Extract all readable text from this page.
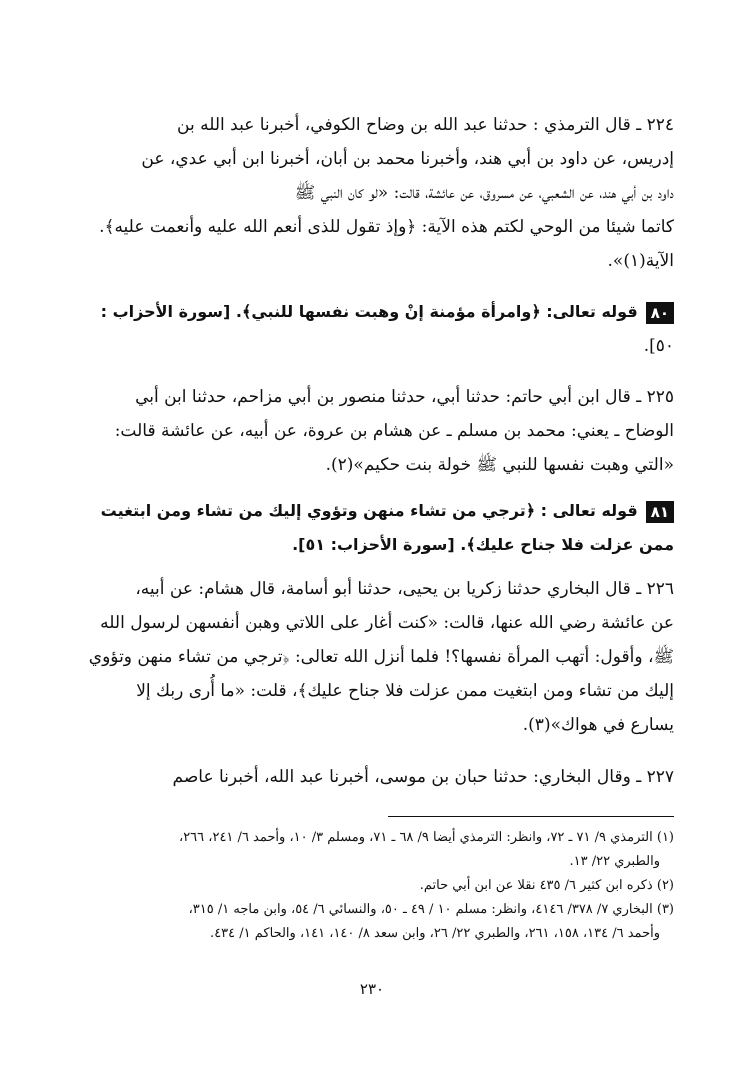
٢٢٤ ـ قال الترمذي : حدثنا عبد الله بن وضاح الكوفي، أخبرنا عبد الله بن
إدريس، عن داود بن أبي هند، وأخبرنا محمد بن أبان، أخبرنا ابن أبي عدي، عن
داود بن أبي هند، عن الشعبي، عن مسروق، عن عائشة، قالت: «لو كان النبي ﷺ
كاتما شيئا من الوحي لكتم هذه الآية: ﴿وإذ تقول للذى أنعم الله عليه وأنعمت عليه﴾.
الآية(١)».
٨٠قوله تعالى: ﴿وامرأة مؤمنة إنْ وهبت نفسها للنبي﴾. [سورة الأحزاب :
٥٠].
٢٢٥ ـ قال ابن أبي حاتم: حدثنا أبي، حدثنا منصور بن أبي مزاحم، حدثنا ابن أبي
الوضاح ـ يعني: محمد بن مسلم ـ عن هشام بن عروة، عن أبيه، عن عائشة قالت:
«التي وهبت نفسها للنبي ﷺ خولة بنت حكيم»(٢).
٨١قوله تعالى : ﴿ترجي من تشاء منهن وتؤوي إليك من تشاء ومن ابتغيت
ممن عزلت فلا جناح عليك﴾. [سورة الأحزاب: ٥١].
٢٢٦ ـ قال البخاري حدثنا زكريا بن يحيى، حدثنا أبو أسامة، قال هشام: عن أبيه،
عن عائشة رضي الله عنها، قالت: «كنت أغار على اللاتي وهبن أنفسهن لرسول الله
ﷺ، وأقول: أتهب المرأة نفسها؟! فلما أنزل الله تعالى: ﴿ترجي من تشاء منهن وتؤوي
إليك من تشاء ومن ابتغيت ممن عزلت فلا جناح عليك﴾، قلت: «ما أُرى ربك إلا
يسارع في هواك»(٣).
٢٢٧ ـ وقال البخاري: حدثنا حبان بن موسى، أخبرنا عبد الله، أخبرنا عاصم
(١) الترمذي ٩/ ٧١ ـ ٧٢، وانظر: الترمذي أيضا ٩/ ٦٨ ـ ٧١، ومسلم ٣/ ١٠، وأحمد ٦/ ٢٤١، ٢٦٦،
والطبري ٢٢/ ١٣.
(٢) ذكره ابن كثير ٦/ ٤٣٥ نقلا عن ابن أبي حاتم.
(٣) البخاري ٧/ ٣٧٨/ ٤١٤٦، وانظر: مسلم ١٠ / ٤٩ ـ ٥٠، والنسائي ٦/ ٥٤، وابن ماجه ١/ ٣١٥،
وأحمد ٦/ ١٣٤، ١٥٨، ٢٦١، والطبري ٢٢/ ٢٦، وابن سعد ٨/ ١٤٠، ١٤١، والحاكم ١/ ٤٣٤.
٢٣٠
